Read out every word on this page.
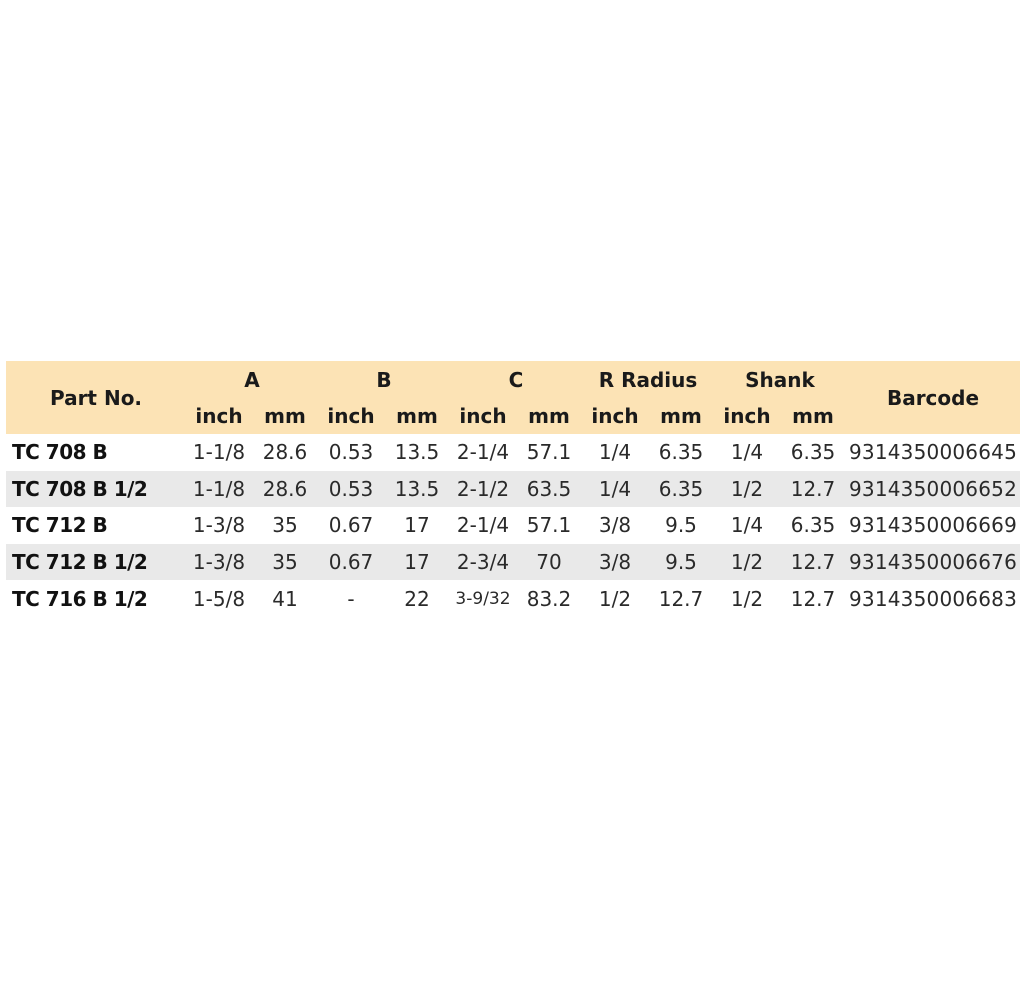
Part No.	A		B		C		R Radius		Shank		Barcode
	inch	mm	inch	mm	inch	mm	inch	mm	inch	mm	
TC 708 B	1-1/8	28.6	0.53	13.5	2-1/4	57.1	1/4	6.35	1/4	6.35	9314350006645
TC 708 B 1/2	1-1/8	28.6	0.53	13.5	2-1/2	63.5	1/4	6.35	1/2	12.7	9314350006652
TC 712 B	1-3/8	35	0.67	17	2-1/4	57.1	3/8	9.5	1/4	6.35	9314350006669
TC 712 B 1/2	1-3/8	35	0.67	17	2-3/4	70	3/8	9.5	1/2	12.7	9314350006676
TC 716 B 1/2	1-5/8	41	-	22	3-9/32	83.2	1/2	12.7	1/2	12.7	9314350006683
